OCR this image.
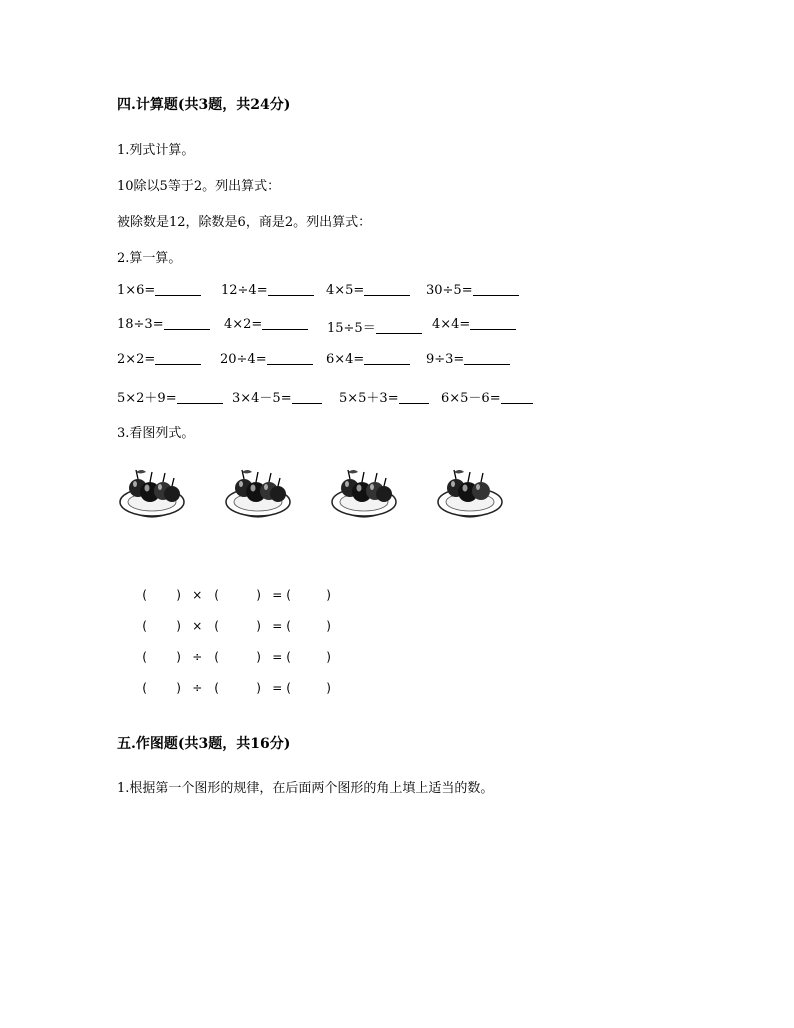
四.计算题(共3题，共24分)
1.列式计算。
10除以5等于2。列出算式：
被除数是12，除数是6，商是2。列出算式：
2.算一算。
1×6=	12÷4=	4×5=	30÷5=
18÷3=	4×2=	15÷5＝	4×4=
2×2=	20÷4=	6×4=	9÷3=
5×2＋9=	3×4－5=	5×5＋3=	6×5－6=
3.看图列式。

( ) × (	) = (	)

( ) × (	) = (	)

( ) ÷ (	) = (	)

( ) ÷ (	) = (	)

五.作图题(共3题，共16分)
1.根据第一个图形的规律，在后面两个图形的角上填上适当的数。
